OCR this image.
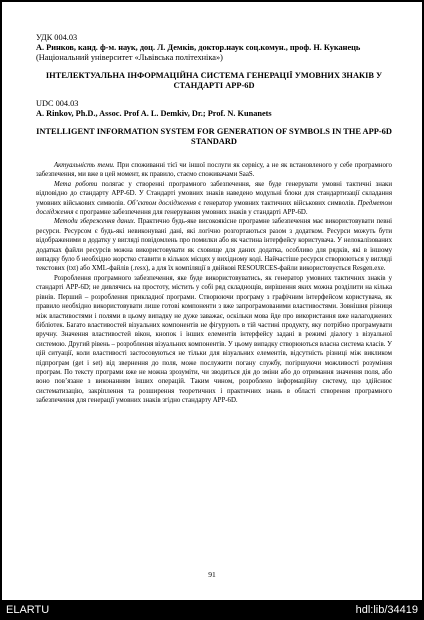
УДК 004.03
А. Ринков, канд. ф-м. наук, доц. Л. Демків, доктор.наук соц.комун., проф. Н. Куканець
(Національний університет «Львівська політехніка»)
ІНТЕЛЕКТУАЛЬНА ІНФОРМАЦІЙНА СИСТЕМА ГЕНЕРАЦІЇ УМОВНИХ ЗНАКІВ У СТАНДАРТІ APP-6D
UDC 004.03
A. Rinkov, Ph.D., Assoc. Prof A. L. Demkiv, Dr.; Prof. N. Kunanets
INTELLIGENT INFORMATION SYSTEM FOR GENERATION OF SYMBOLS IN THE APP-6D STANDARD

Актуальність теми. При споживанні тієї чи іншої послуги як сервісу, а не як встановленого у себе програмного забезпечення, ми вже в цей момент, як правило, стаємо споживачами SaaS.

Мета роботи полягає у створенні програмного забезпечення, яке буде генерувати умовні тактичні знаки відповідно до стандарту APP-6D. У Стандарті умовних знаків наведено модульні блоки для стандартизації складання умовних військових символів. Об’єктом дослідження є генератор умовних тактичних військових символів. Предметом дослідження є програмне забезпечення для генерування умовних знаків у стандарті APP-6D.

Методи збереження даних. Практично будь-яке високоякісне програмне забезпечення має використовувати певні ресурси. Ресурсом є будь-які невиконувані дані, які логічно розгортаються разом з додатком. Ресурси можуть бути відображеними в додатку у вигляді повідомлень про помилки або як частина інтерфейсу користувача. У нелокалізованих додатках файли ресурсів можна використовувати як сховище для даних додатка, особливо для рядків, які в іншому випадку було б необхідно жорстко ставити в кількох місцях у вихідному коді. Найчастіше ресурси створюються у вигляді текстових (txt) або XML-файлів (.resx), а для їх компіляції в двійкові RESOURCES-файли використовується Resgen.exe.

Розроблення програмного забезпечення, яке буде використовуватись, як генератор умовних тактичних знаків у стандарті APP-6D; не дивлячись на простоту, містить у собі ряд складнощів, вирішення яких можна розділити на кілька рівнів. Перший – розроблення прикладної програми. Створюючи програму з графічним інтерфейсом користувача, як правило необхідно використовувати лише готові компоненти з вже запрограмованими властивостями. Зовнішня різниця між властивостями і полями в цьому випадку не дуже заважає, оскільки мова йде про використання вже налагоджених бібліотек. Багато властивостей візуальних компонентів не фігурують в тій частині продукту, яку потрібно програмувати вручну. Значення властивостей вікон, кнопок і інших елементів інтерфейсу задані в режимі діалогу з візуальної системою. Другий рівень – розроблення візуальних компонентів. У цьому випадку створюються власна система класів. У цій ситуації, коли властивості застосовуються не тільки для візуальних елементів, відсутність різниці між викликом підпрограм (get і set) від звернення до поля, може послужити погану службу, погіршуючи можливості розуміння програм. По тексту програми вже не можна зрозуміти, чи зводиться дія до зміни або до отримання значення поля, або воно пов’язане з виконанням інших операцій. Таким чином, розроблено інформаційну систему, що здійснює систематизацію, закріплення та розширення теоретичних і практичних знань в області створення програмного забезпечення для генерації умовних знаків згідно стандарту APP-6D.

91
ELARTU	hdl:lib/34419
